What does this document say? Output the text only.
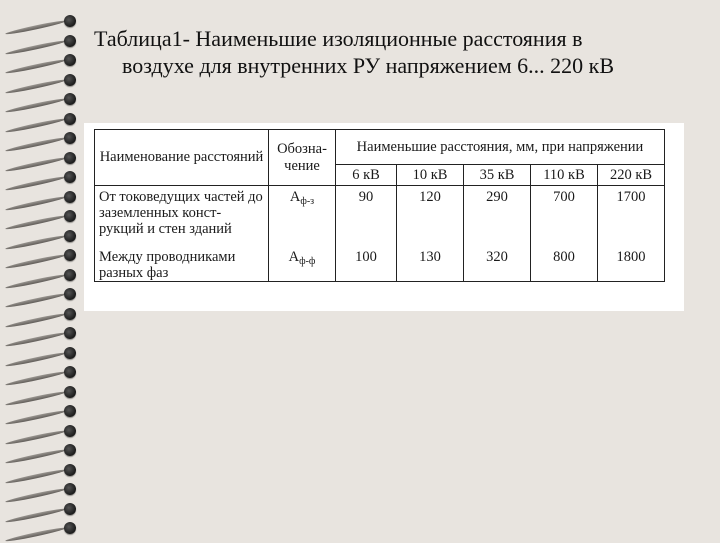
Таблица1- Наименьшие изоляционные расстояния в
воздухе для внутренних РУ напряжением 6... 220 кВ
Наименование расстояний	Обозна-чение	Наименьшие расстояния, мм, при напряжении				
		6 кВ	10 кВ	35 кВ	110 кВ	220 кВ
От токоведущих частей до заземленных конст-рукций и стен зданий	$А_{ф-з}$	90	120	290	700	1700
Между проводниками разных фаз	$А_{ф-ф}$	100	130	320	800	1800
